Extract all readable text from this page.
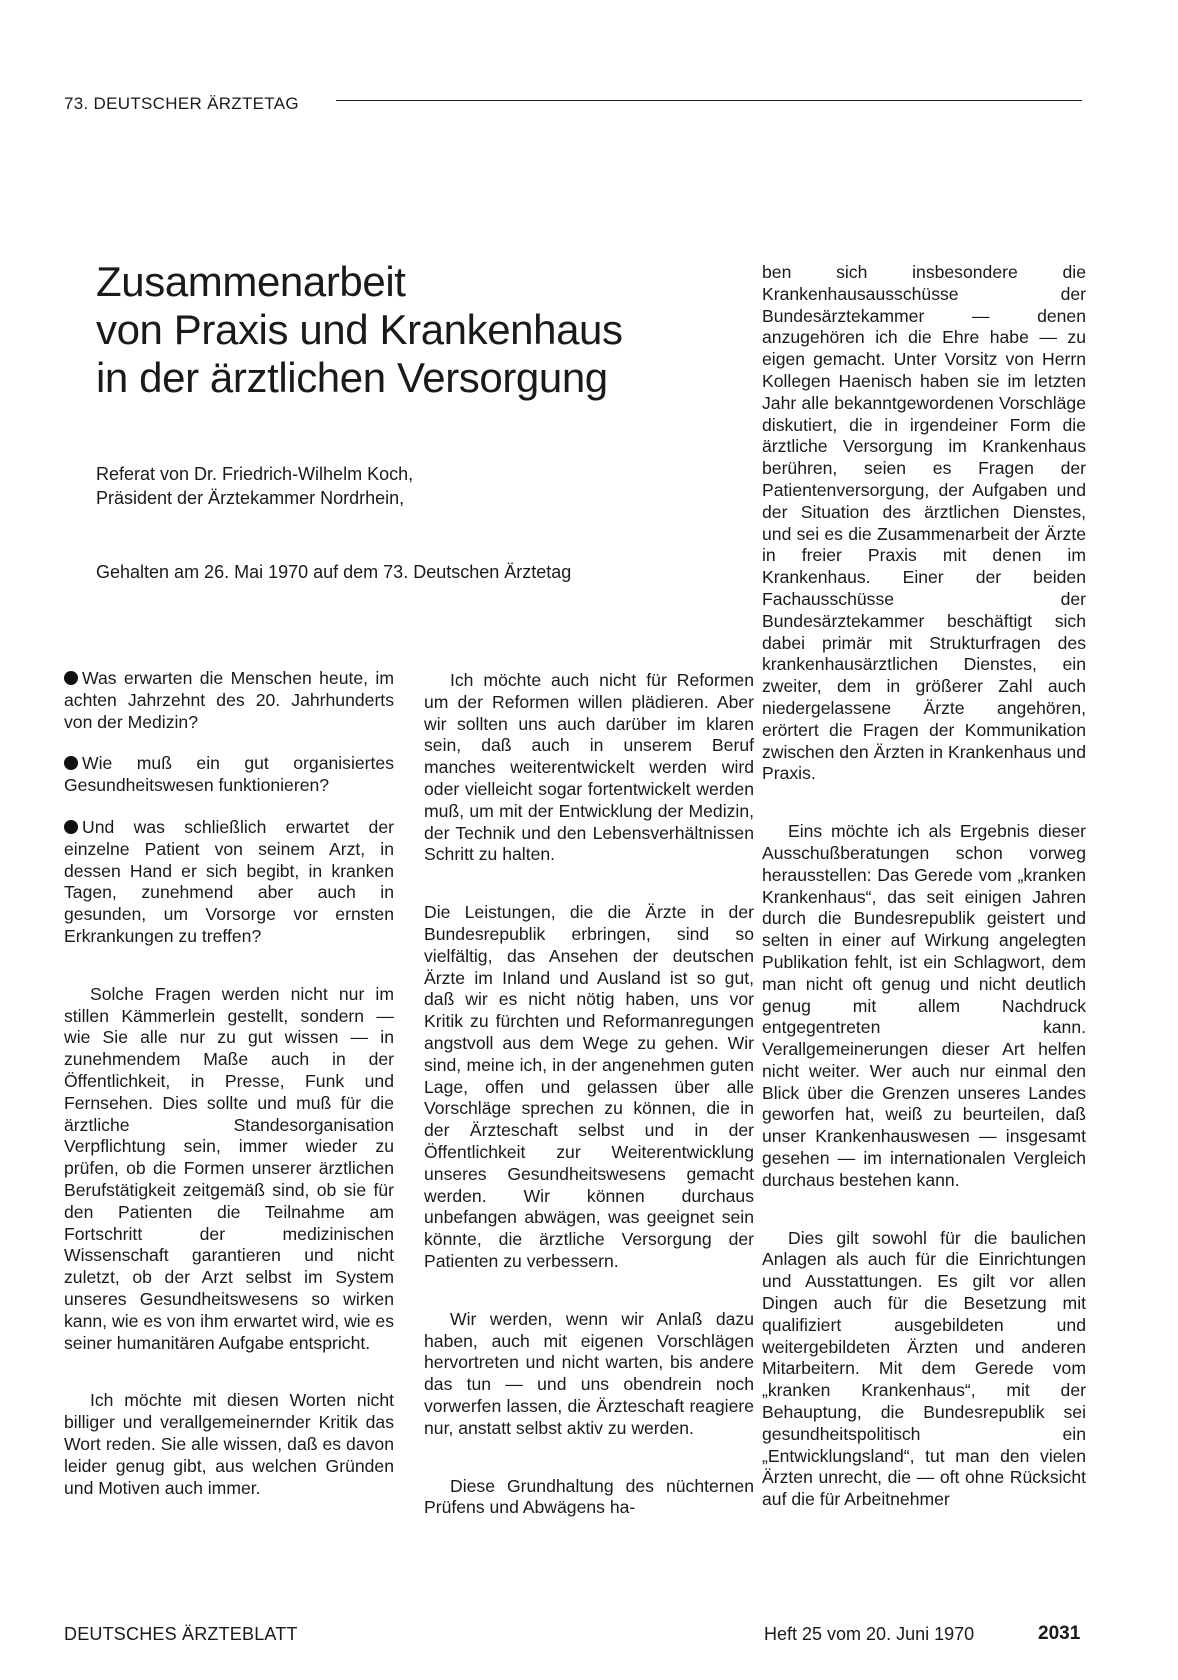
73. DEUTSCHER ÄRZTETAG
Zusammenarbeit
von Praxis und Krankenhaus
in der ärztlichen Versorgung
Referat von Dr. Friedrich-Wilhelm Koch,
Präsident der Ärztekammer Nordrhein,
Gehalten am 26. Mai 1970 auf dem 73. Deutschen Ärztetag

Was erwarten die Menschen heute, im achten Jahrzehnt des 20. Jahrhunderts von der Medizin?

Wie muß ein gut organisiertes Gesundheitswesen funktionieren?

Und was schließlich erwartet der einzelne Patient von seinem Arzt, in dessen Hand er sich begibt, in kranken Tagen, zunehmend aber auch in gesunden, um Vorsorge vor ernsten Erkrankungen zu treffen?

Solche Fragen werden nicht nur im stillen Kämmerlein gestellt, sondern — wie Sie alle nur zu gut wissen — in zunehmendem Maße auch in der Öffentlichkeit, in Presse, Funk und Fernsehen. Dies sollte und muß für die ärztliche Standesorganisation Verpflichtung sein, immer wieder zu prüfen, ob die Formen unserer ärztlichen Berufstätigkeit zeitgemäß sind, ob sie für den Patienten die Teilnahme am Fortschritt der medizinischen Wissenschaft garantieren und nicht zuletzt, ob der Arzt selbst im System unseres Gesundheitswesens so wirken kann, wie es von ihm erwartet wird, wie es seiner humanitären Aufgabe entspricht.

Ich möchte mit diesen Worten nicht billiger und verallgemeinernder Kritik das Wort reden. Sie alle wissen, daß es davon leider genug gibt, aus welchen Gründen und Motiven auch immer.

Ich möchte auch nicht für Reformen um der Reformen willen plädieren. Aber wir sollten uns auch darüber im klaren sein, daß auch in unserem Beruf manches weiterentwickelt werden wird oder vielleicht sogar fortentwickelt werden muß, um mit der Entwicklung der Medizin, der Technik und den Lebensverhältnissen Schritt zu halten.

Die Leistungen, die die Ärzte in der Bundesrepublik erbringen, sind so vielfältig, das Ansehen der deutschen Ärzte im Inland und Ausland ist so gut, daß wir es nicht nötig haben, uns vor Kritik zu fürchten und Reformanregungen angstvoll aus dem Wege zu gehen. Wir sind, meine ich, in der angenehmen guten Lage, offen und gelassen über alle Vorschläge sprechen zu können, die in der Ärzteschaft selbst und in der Öffentlichkeit zur Weiterentwicklung unseres Gesundheitswesens gemacht werden. Wir können durchaus unbefangen abwägen, was geeignet sein könnte, die ärztliche Versorgung der Patienten zu verbessern.

Wir werden, wenn wir Anlaß dazu haben, auch mit eigenen Vorschlägen hervortreten und nicht warten, bis andere das tun — und uns obendrein noch vorwerfen lassen, die Ärzteschaft reagiere nur, anstatt selbst aktiv zu werden.

Diese Grundhaltung des nüchternen Prüfens und Abwägens ha-

ben sich insbesondere die Krankenhausausschüsse der Bundesärztekammer — denen anzugehören ich die Ehre habe — zu eigen gemacht. Unter Vorsitz von Herrn Kollegen Haenisch haben sie im letzten Jahr alle bekanntgewordenen Vorschläge diskutiert, die in irgendeiner Form die ärztliche Versorgung im Krankenhaus berühren, seien es Fragen der Patientenversorgung, der Aufgaben und der Situation des ärztlichen Dienstes, und sei es die Zusammenarbeit der Ärzte in freier Praxis mit denen im Krankenhaus. Einer der beiden Fachausschüsse der Bundesärztekammer beschäftigt sich dabei primär mit Strukturfragen des krankenhausärztlichen Dienstes, ein zweiter, dem in größerer Zahl auch niedergelassene Ärzte angehören, erörtert die Fragen der Kommunikation zwischen den Ärzten in Krankenhaus und Praxis.

Eins möchte ich als Ergebnis dieser Ausschußberatungen schon vorweg herausstellen: Das Gerede vom „kranken Krankenhaus“, das seit einigen Jahren durch die Bundesrepublik geistert und selten in einer auf Wirkung angelegten Publikation fehlt, ist ein Schlagwort, dem man nicht oft genug und nicht deutlich genug mit allem Nachdruck entgegentreten kann. Verallgemeinerungen dieser Art helfen nicht weiter. Wer auch nur einmal den Blick über die Grenzen unseres Landes geworfen hat, weiß zu beurteilen, daß unser Krankenhauswesen — insgesamt gesehen — im internationalen Vergleich durchaus bestehen kann.

Dies gilt sowohl für die baulichen Anlagen als auch für die Einrichtungen und Ausstattungen. Es gilt vor allen Dingen auch für die Besetzung mit qualifiziert ausgebildeten und weitergebildeten Ärzten und anderen Mitarbeitern. Mit dem Gerede vom „kranken Krankenhaus“, mit der Behauptung, die Bundesrepublik sei gesundheitspolitisch ein „Entwicklungsland“, tut man den vielen Ärzten unrecht, die — oft ohne Rücksicht auf die für Arbeitnehmer

DEUTSCHES ÄRZTEBLATT	Heft 25 vom 20. Juni 1970	2031
